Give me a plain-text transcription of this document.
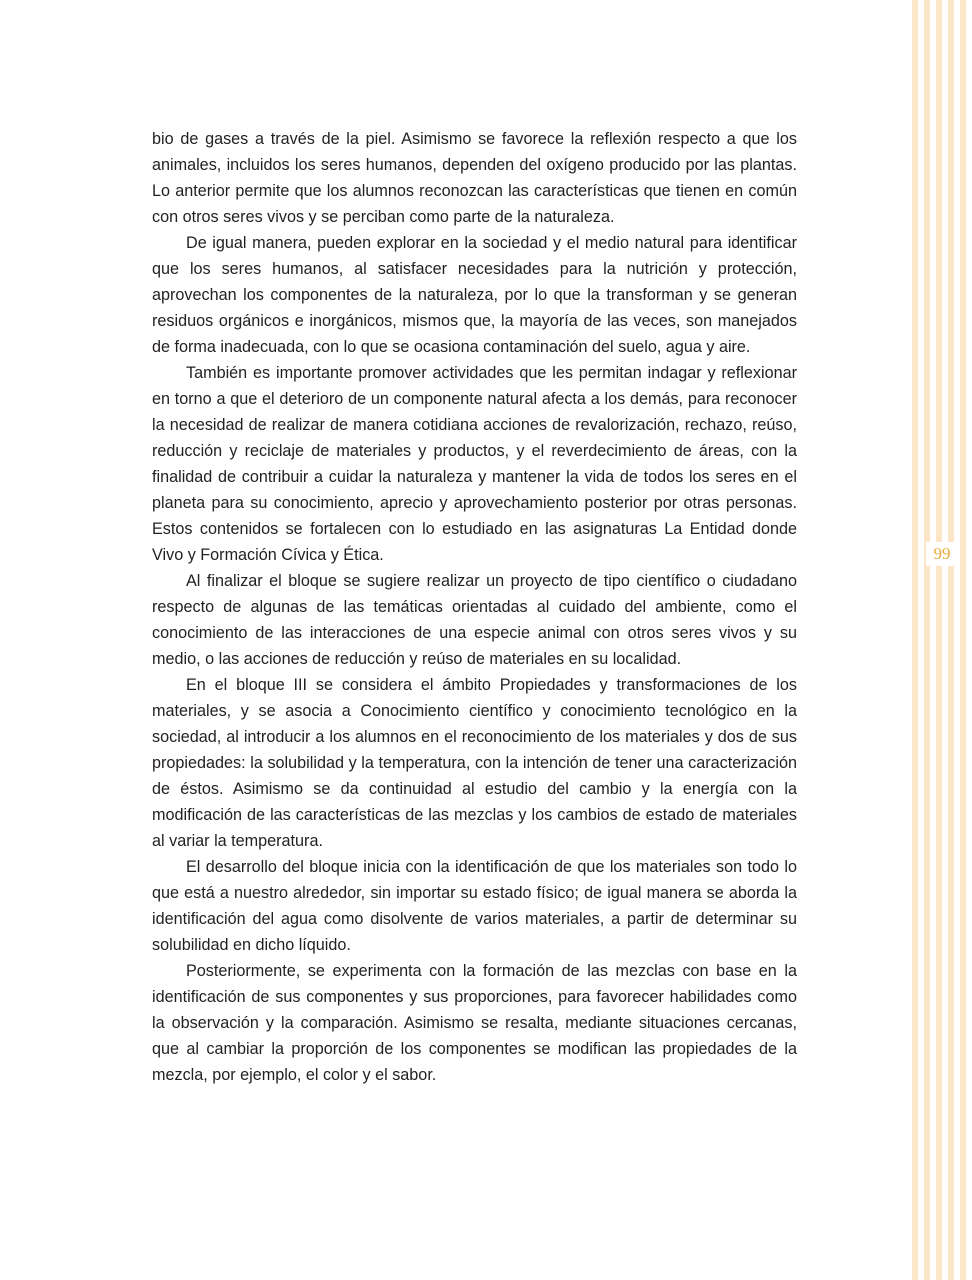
99

bio de gases a través de la piel. Asimismo se favorece la reflexión respecto a que los animales, incluidos los seres humanos, dependen del oxígeno producido por las plantas. Lo anterior permite que los alumnos reconozcan las características que tienen en común con otros seres vivos y se perciban como parte de la naturaleza.

De igual manera, pueden explorar en la sociedad y el medio natural para identificar que los seres humanos, al satisfacer necesidades para la nutrición y protección, aprovechan los componentes de la naturaleza, por lo que la transforman y se generan residuos orgánicos e inorgánicos, mismos que, la mayoría de las veces, son manejados de forma inadecuada, con lo que se ocasiona contaminación del suelo, agua y aire.

También es importante promover actividades que les permitan indagar y reflexionar en torno a que el deterioro de un componente natural afecta a los demás, para reconocer la necesidad de realizar de manera cotidiana acciones de revalorización, rechazo, reúso, reducción y reciclaje de materiales y productos, y el reverdecimiento de áreas, con la finalidad de contribuir a cuidar la naturaleza y mantener la vida de todos los seres en el planeta para su conocimiento, aprecio y aprovechamiento posterior por otras personas. Estos contenidos se fortalecen con lo estudiado en las asignaturas La Entidad donde Vivo y Formación Cívica y Ética.

Al finalizar el bloque se sugiere realizar un proyecto de tipo científico o ciudadano respecto de algunas de las temáticas orientadas al cuidado del ambiente, como el conocimiento de las interacciones de una especie animal con otros seres vivos y su medio, o las acciones de reducción y reúso de materiales en su localidad.

En el bloque III se considera el ámbito Propiedades y transformaciones de los materiales, y se asocia a Conocimiento científico y conocimiento tecnológico en la sociedad, al introducir a los alumnos en el reconocimiento de los materiales y dos de sus propiedades: la solubilidad y la temperatura, con la intención de tener una caracterización de éstos. Asimismo se da continuidad al estudio del cambio y la energía con la modificación de las características de las mezclas y los cambios de estado de materiales al variar la temperatura.

El desarrollo del bloque inicia con la identificación de que los materiales son todo lo que está a nuestro alrededor, sin importar su estado físico; de igual manera se aborda la identificación del agua como disolvente de varios materiales, a partir de determinar su solubilidad en dicho líquido.

Posteriormente, se experimenta con la formación de las mezclas con base en la identificación de sus componentes y sus proporciones, para favorecer habilidades como la observación y la comparación. Asimismo se resalta, mediante situaciones cercanas, que al cambiar la proporción de los componentes se modifican las propiedades de la mezcla, por ejemplo, el color y el sabor.
